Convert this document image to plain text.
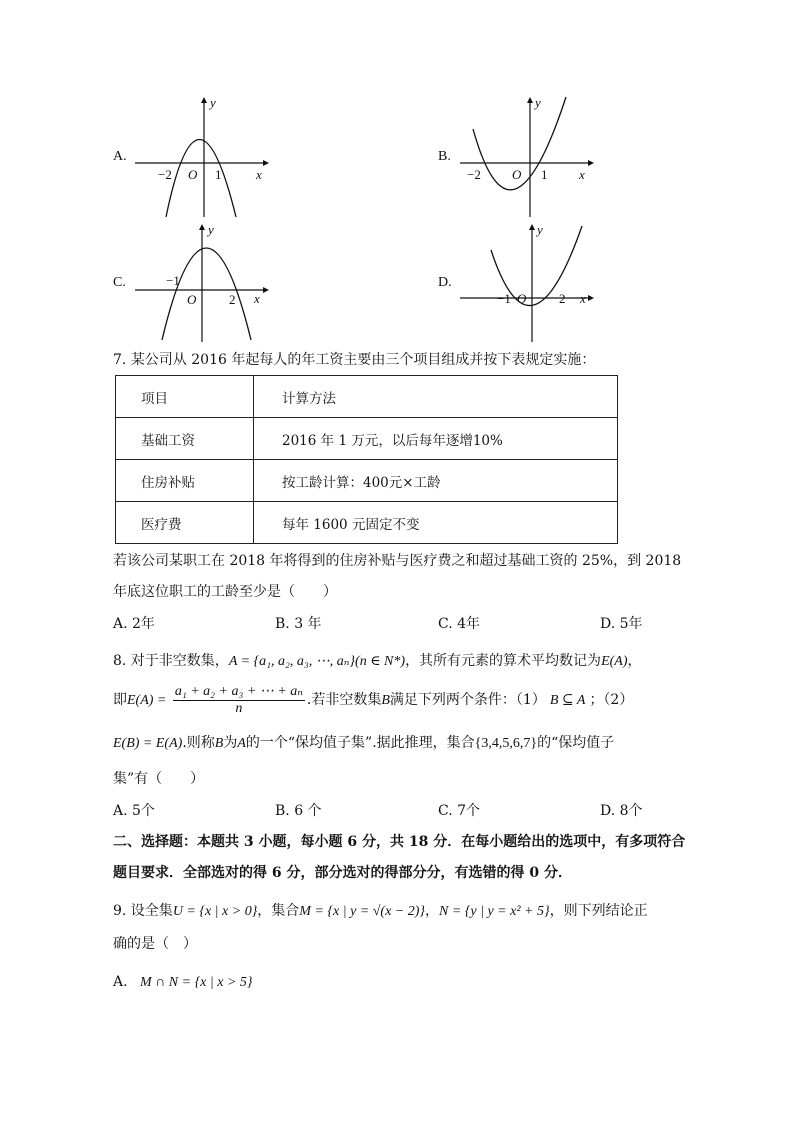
A.
y
x
−2 O 1
B.
y
x
−2 O 1
C.
y
x
−1
O	2
D.
y
x
−1 O	2
7. 某公司从 2016 年起每人的年工资主要由三个项目组成并按下表规定实施：
项目	计算方法
基础工资	2016 年 1 万元，以后每年逐增10%
住房补贴	按工龄计算：400元×工龄
医疗费	每年 1600 元固定不变
若该公司某职工在 2018 年将得到的住房补贴与医疗费之和超过基础工资的 25%，到 2018
年底这位职工的工龄至少是（　　）
A. 2年	B. 3 年	C. 4年	D. 5年
8. 对于非空数集，A = {a₁, a₂, a₃, ⋯, aₙ}(n ∈ N*)，其所有元素的算术平均数记为E(A)，
即$E(A) = \frac{\text{a₁ + a₂ + a₃ + ⋯ + aₙ}}{n}$ .若非空数集B满足下列两个条件：（1） B ⊆ A ；（2）
E(B) = E(A).则称B为A的一个“保均值子集”.据此推理，集合{3,4,5,6,7}的“保均值子
集”有（　　）
A. 5个	B. 6 个	C. 7个	D. 8个
二、选择题：本题共 3 小题，每小题 6 分，共 18 分．在每小题给出的选项中，有多项符合
题目要求．全部选对的得 6 分，部分选对的得部分分，有选错的得 0 分．
9. 设全集U = {x | x > 0}，集合M = {x | y = √(x − 2)}，N = {y | y = x² + 5}，则下列结论正
确的是（　）
A. M ∩ N = {x | x > 5}
